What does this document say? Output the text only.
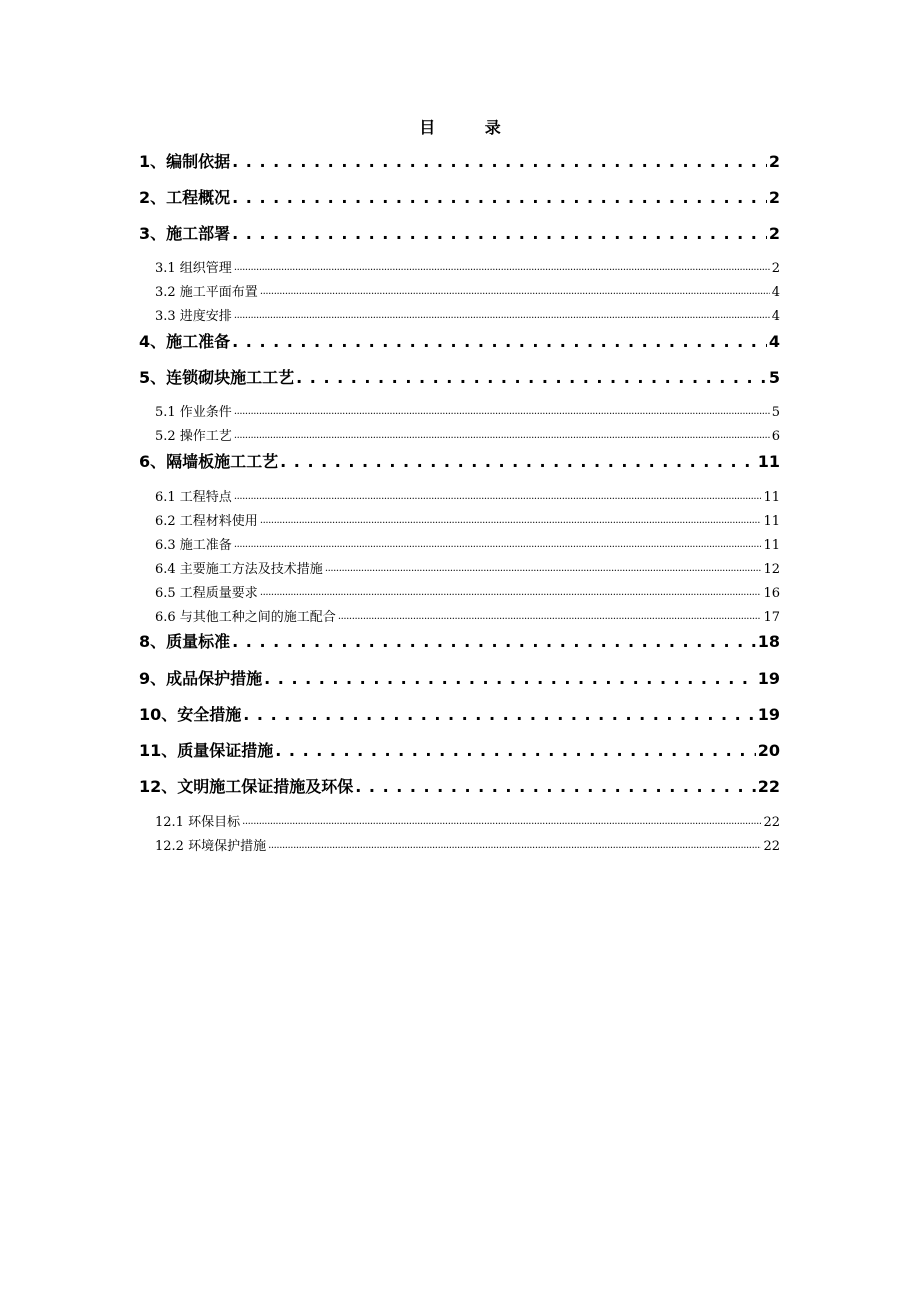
目 录
1、编制依据 . . .	2
2、工程概况 . . .	2
3、施工部署 . . .	2
3.1 组织管理 .....	2
3.2 施工平面布置 .....	4
3.3 进度安排 .....	4
4、施工准备 . . .	4
5、连锁砌块施工工艺 . . .	5
5.1 作业条件 .....	5
5.2 操作工艺 .....	6
6、隔墙板施工工艺 . . .	11
6.1 工程特点 .....	11
6.2 工程材料使用 .....	11
6.3 施工准备 .....	11
6.4 主要施工方法及技术措施 .....	12
6.5 工程质量要求 .....	16
6.6 与其他工种之间的施工配合 .....	17
8、质量标准 . . .	18
9、成品保护措施 . . .	19
10、安全措施 . . .	19
11、质量保证措施 . . .	20
12、文明施工保证措施及环保 . . .	22
12.1 环保目标 .....	22
12.2 环境保护措施 .....	22
